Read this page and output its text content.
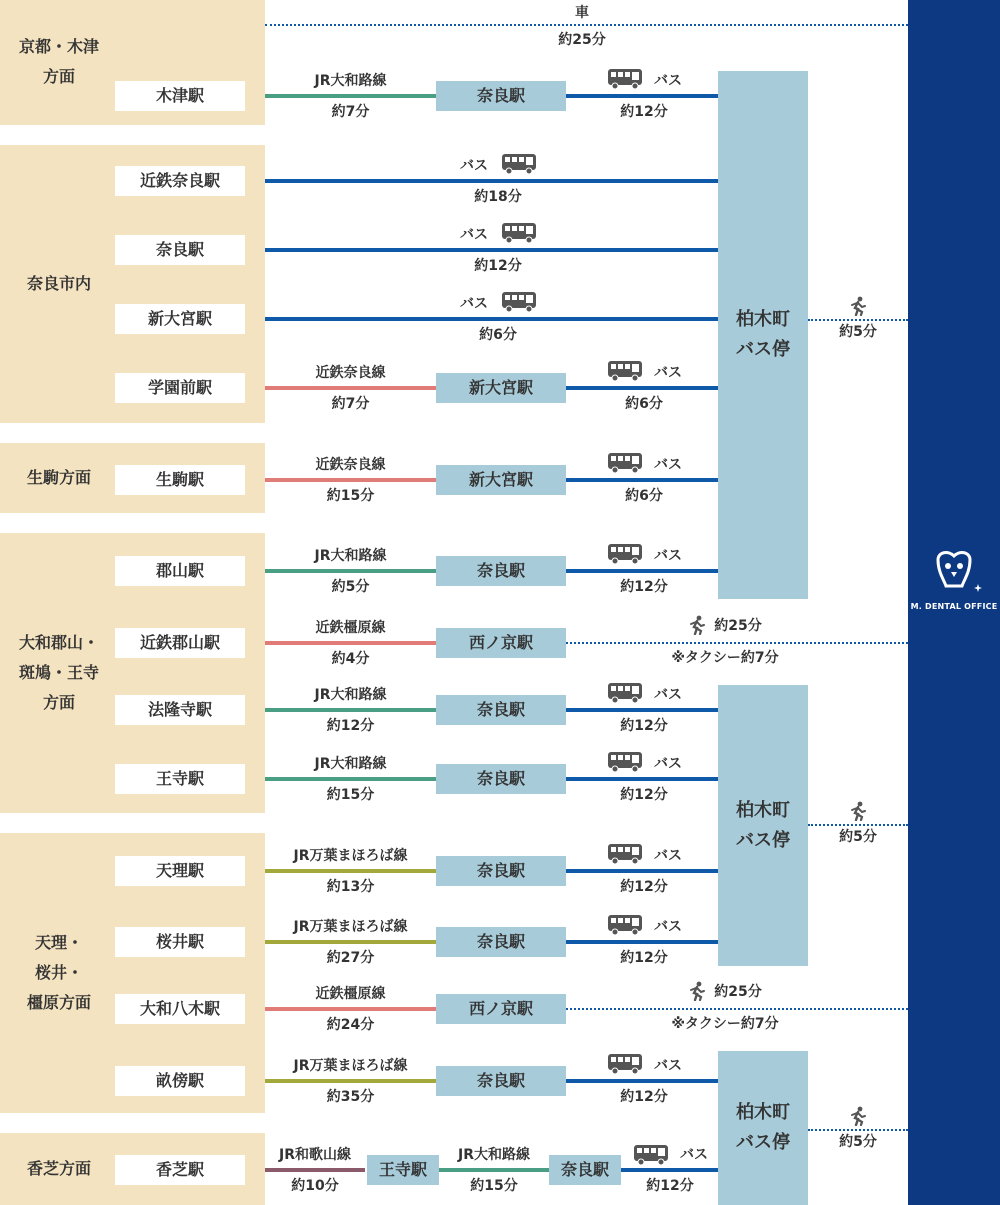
京都・木津
方面
奈良市内
生駒方面
大和郡山・
斑鳩・王寺
方面
天理・
桜井・
橿原方面
香芝方面
車
約25分
柏木町
バス停
柏木町
バス停
柏木町
バス停
約5分
約5分
約5分
木津駅
JR大和路線
約7分
奈良駅
バス
約12分
近鉄奈良駅
バス
約18分
奈良駅
バス
約12分
新大宮駅
バス
約6分
学園前駅
近鉄奈良線
約7分
新大宮駅
バス
約6分
生駒駅
近鉄奈良線
約15分
新大宮駅
バス
約6分
郡山駅
JR大和路線
約5分
奈良駅
バス
約12分
近鉄郡山駅
近鉄橿原線
約4分
西ノ京駅
約25分
※タクシー約7分
法隆寺駅
JR大和路線
約12分
奈良駅
バス
約12分
王寺駅
JR大和路線
約15分
奈良駅
バス
約12分
天理駅
JR万葉まほろば線
約13分
奈良駅
バス
約12分
桜井駅
JR万葉まほろば線
約27分
奈良駅
バス
約12分
大和八木駅
近鉄橿原線
約24分
西ノ京駅
約25分
※タクシー約7分
畝傍駅
JR万葉まほろば線
約35分
奈良駅
バス
約12分
香芝駅
JR和歌山線
約10分
王寺駅
JR大和路線
約15分
奈良駅
バス
約12分
M. DENTAL OFFICE
